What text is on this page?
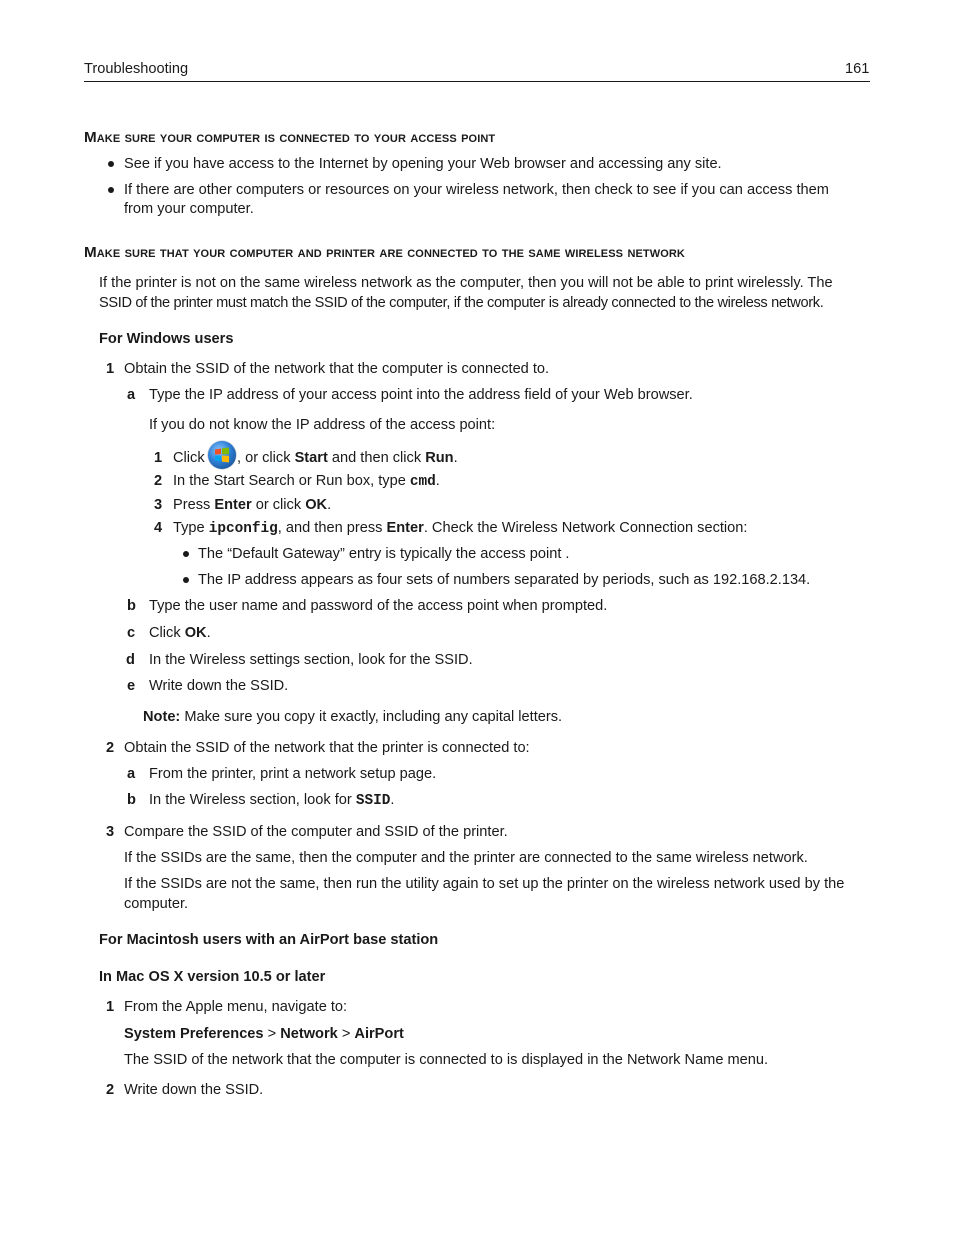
Troubleshooting	161
Make sure your computer is connected to your access point
See if you have access to the Internet by opening your Web browser and accessing any site.
If there are other computers or resources on your wireless network, then check to see if you can access them
from your computer.
Make sure that your computer and printer are connected to the same wireless network
If the printer is not on the same wireless network as the computer, then you will not be able to print wirelessly. The
SSID of the printer must match the SSID of the computer, if the computer is already connected to the wireless network.
For Windows users
1 Obtain the SSID of the network that the computer is connected to.
a Type the IP address of your access point into the address field of your Web browser.
If you do not know the IP address of the access point:
1 Click , or click Start and then click Run.
2 In the Start Search or Run box, type cmd.
3 Press Enter or click OK.
4 Type ipconfig, and then press Enter. Check the Wireless Network Connection section:
The “Default Gateway” entry is typically the access point .
The IP address appears as four sets of numbers separated by periods, such as 192.168.2.134.
b Type the user name and password of the access point when prompted.
c Click OK.
d In the Wireless settings section, look for the SSID.
e Write down the SSID.
Note: Make sure you copy it exactly, including any capital letters.
2 Obtain the SSID of the network that the printer is connected to:
a From the printer, print a network setup page.
b In the Wireless section, look for SSID.
3 Compare the SSID of the computer and SSID of the printer.
If the SSIDs are the same, then the computer and the printer are connected to the same wireless network.
If the SSIDs are not the same, then run the utility again to set up the printer on the wireless network used by the
computer.
For Macintosh users with an AirPort base station
In Mac OS X version 10.5 or later
1 From the Apple menu, navigate to:
System Preferences > Network > AirPort
The SSID of the network that the computer is connected to is displayed in the Network Name menu.
2 Write down the SSID.
